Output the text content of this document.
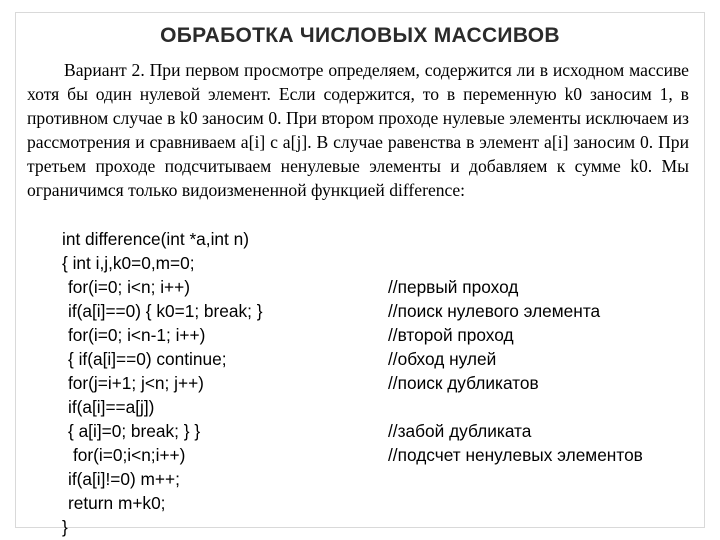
ОБРАБОТКА ЧИСЛОВЫХ МАССИВОВ

Вариант 2. При первом просмотре определяем, содержится ли в исходном массиве хотя бы один нулевой элемент. Если содержится, то в переменную k0 заносим 1, в противном случае в k0 заносим 0. При втором проходе нулевые элементы исключаем из рассмотрения и сравниваем a[i] с a[j]. В случае равенства в элемент a[i] заносим 0. При третьем проходе подсчитываем ненулевые элементы и добавляем к сумме k0. Мы ограничимся только видоизмененной функцией difference:

int difference(int *a,int n)
{ int i,j,k0=0,m=0;
for(i=0; i<n; i++)	//первый проход
if(a[i]==0) { k0=1; break; }	//поиск нулевого элемента
for(i=0; i<n-1; i++)	//второй проход
{ if(a[i]==0) continue;	//обход нулей
for(j=i+1; j<n; j++)	//поиск дубликатов
if(a[i]==a[j])
{ a[i]=0; break; } }	//забой дубликата
for(i=0;i<n;i++)	//подсчет ненулевых элементов
if(a[i]!=0) m++;
return m+k0;
}
